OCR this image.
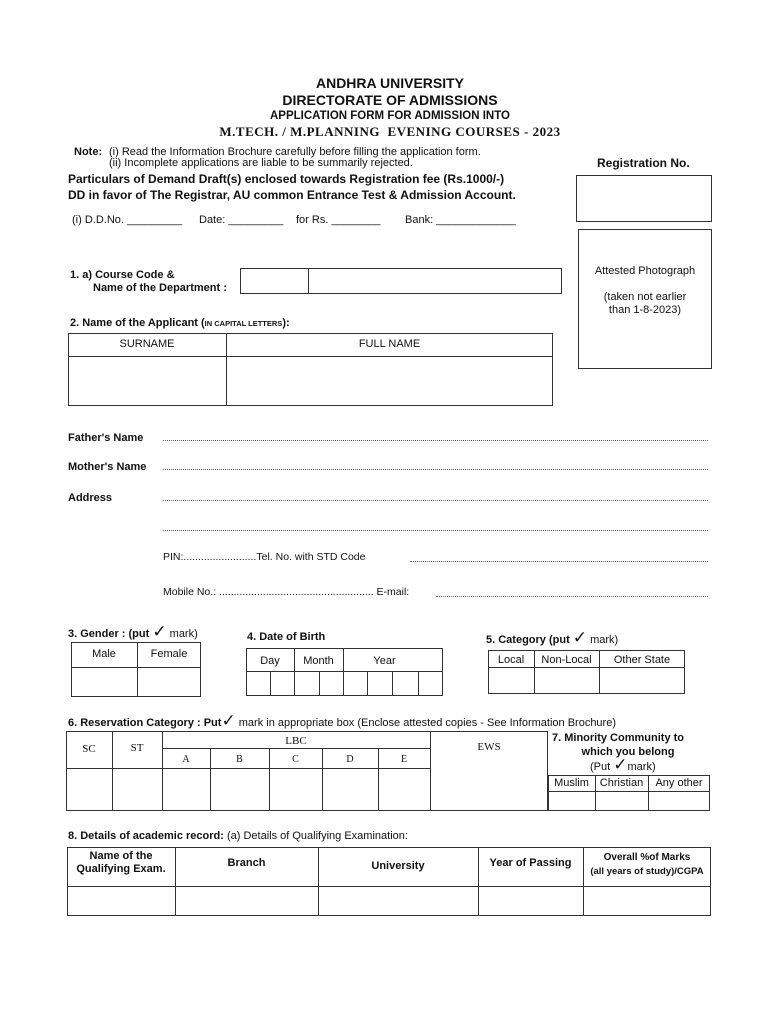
ANDHRA UNIVERSITY
DIRECTORATE OF ADMISSIONS
APPLICATION FORM FOR ADMISSION INTO
M.TECH. / M.PLANNING  EVENING COURSES - 2023
Note: (i) Read the Information Brochure carefully before filling the application form.
(ii) Incomplete applications are liable to be summarily rejected.	Registration No.
Particulars of Demand Draft(s) enclosed towards Registration fee (Rs.1000/-)
DD in favor of The Registrar, AU common Entrance Test & Admission Account.
(i) D.D.No. _________ Date: _________ for Rs. ________ Bank: _____________
Attested Photograph
(taken not earlier
than 1-8-2023)
1. a) Course Code &
Name of the Department :
2. Name of the Applicant (IN CAPITAL LETTERS):
SURNAME	FULL NAME
Father's Name
Mother's Name
Address
PIN:.........................Tel. No. with STD Code
Mobile No.: ..................................................... E-mail:
3. Gender : (put ✓ mark)
Male	Female
4. Date of Birth
Day	Month	Year
5. Category (put ✓ mark)
Local	Non-Local	Other State
6. Reservation Category : Put✓ mark in appropriate box (Enclose attested copies - See Information Brochure)
SC	ST
LBC
A	B	C	D	E
EWS
7. Minority Community to
which you belong
(Put ✓mark)
Muslim Christian	Any other
8. Details of academic record: (a) Details of Qualifying Examination:
Name of the
Qualifying Exam.	Branch	University	Year of Passing	Overall %of Marks
(all years of study)/CGPA
